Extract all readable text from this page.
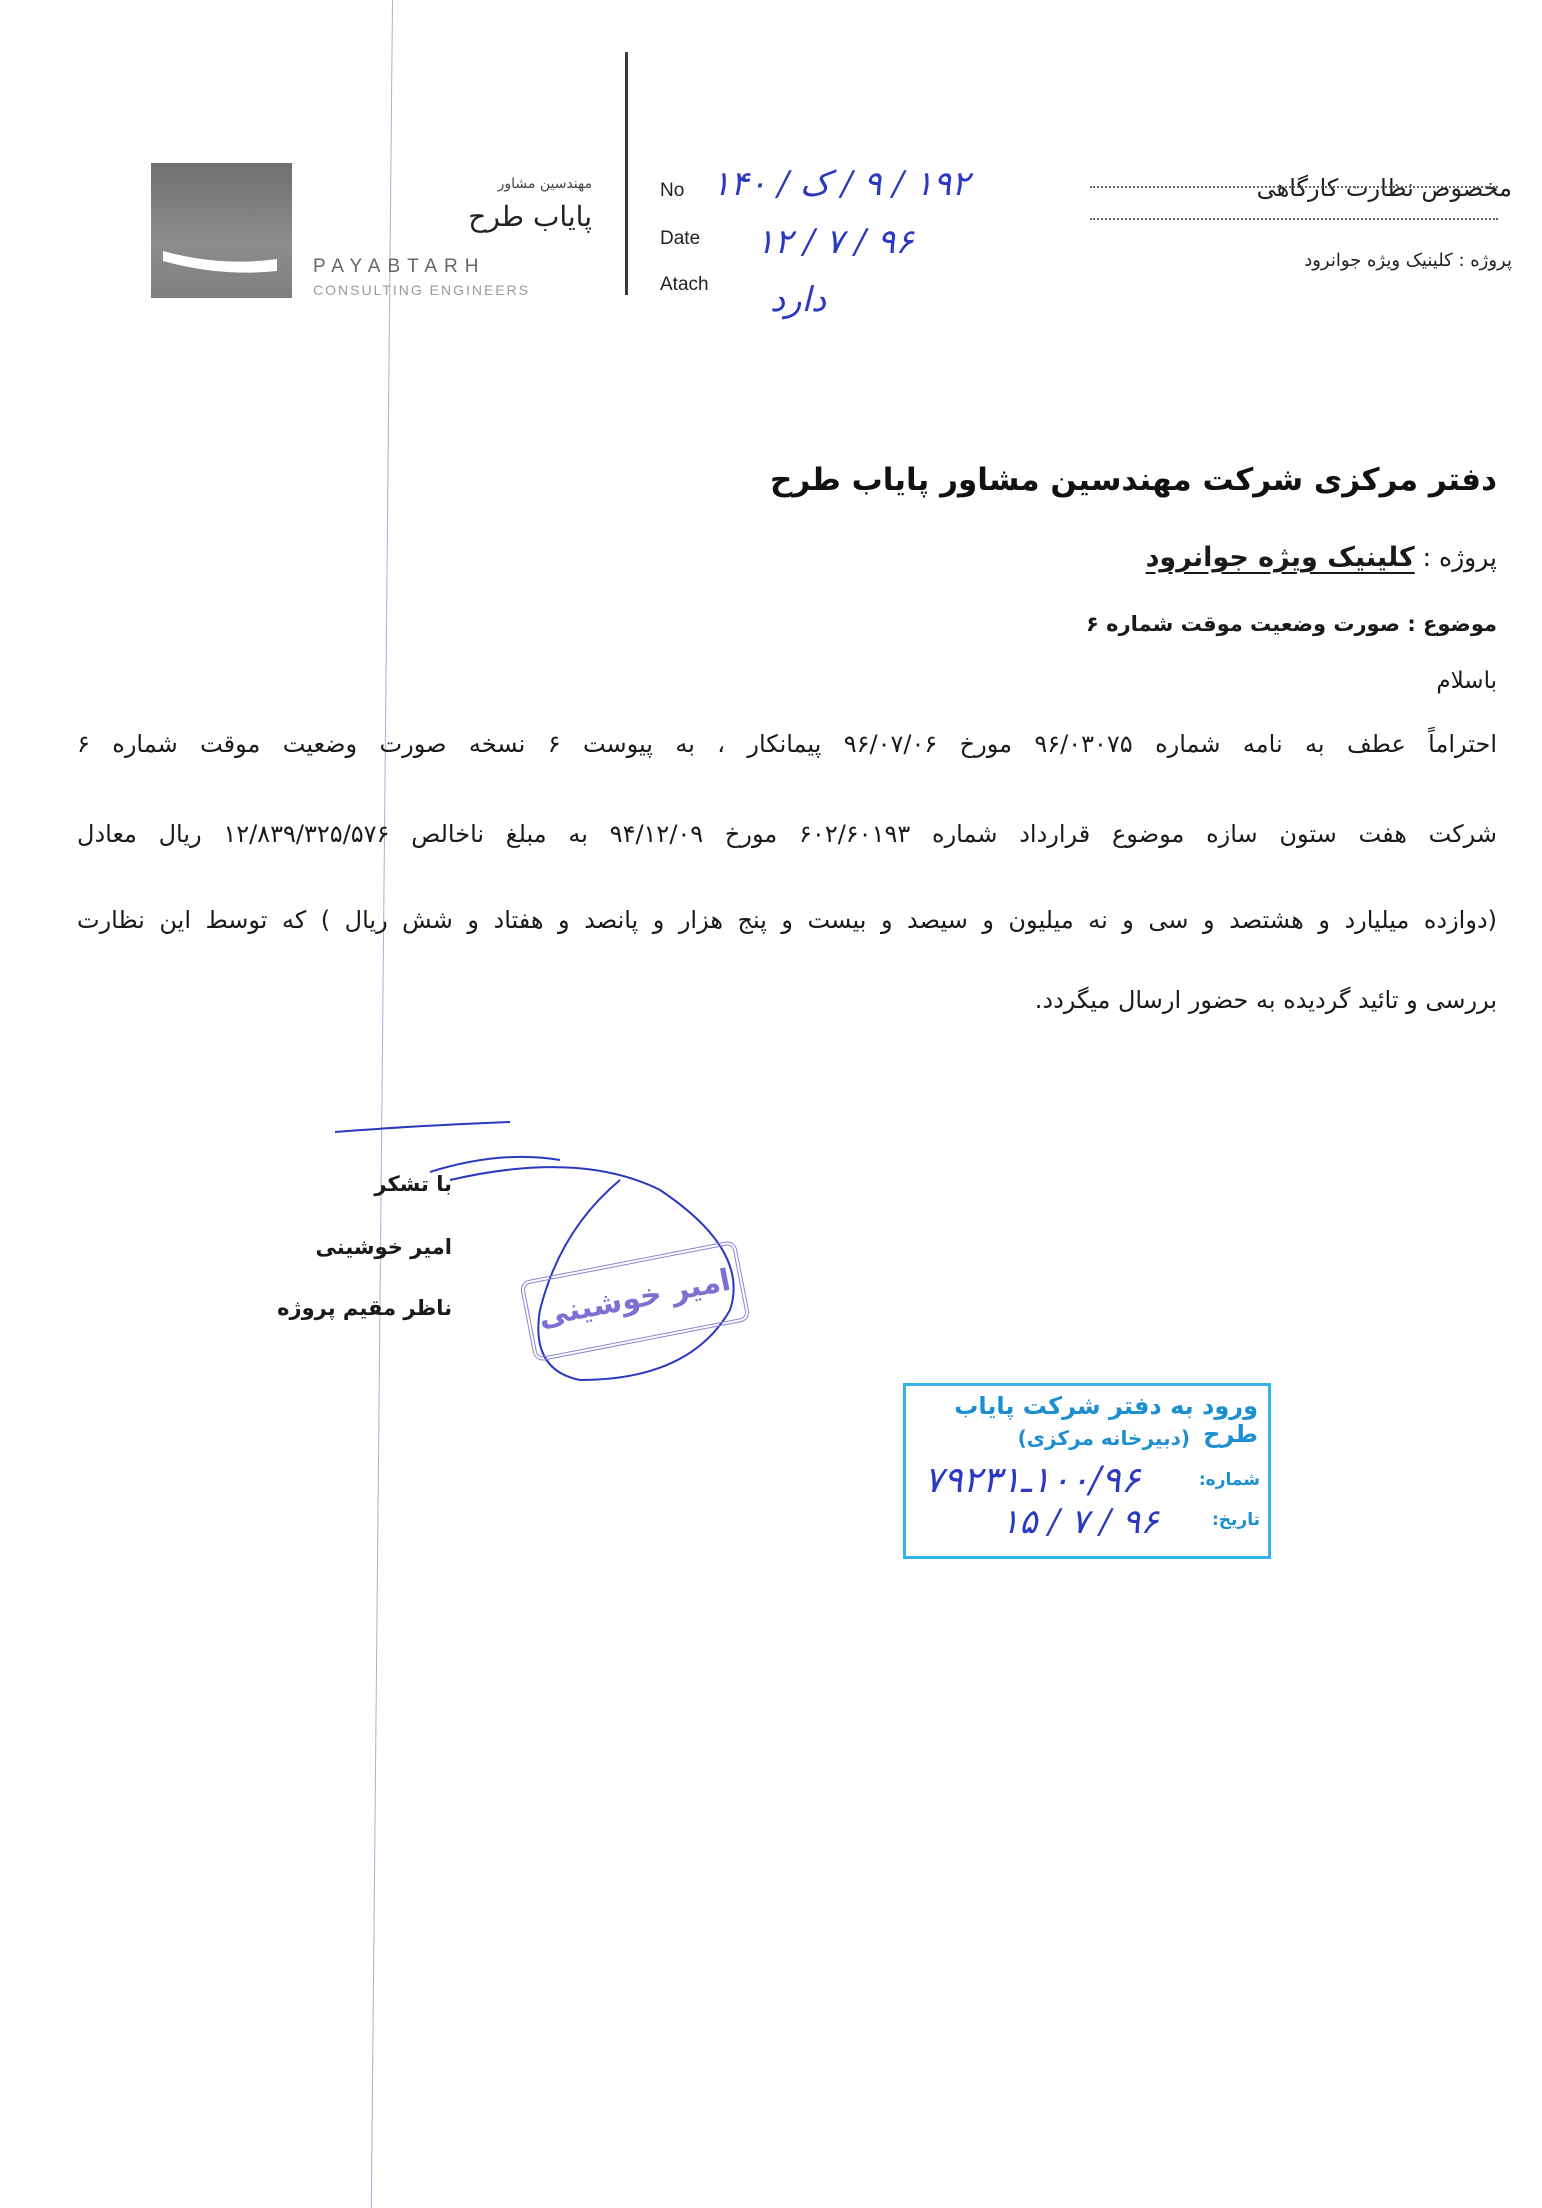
مهندسین مشاور
پایاب طرح
PAYABTARH
CONSULTING ENGINEERS
No
Date
Atach
۱۹۲ / ۹ / ک / ۱۴۰
۹۶ / ۷ / ۱۲
دارد
مخصوص نظارت کارگاهی
پروژه : کلینیک ویژه جوانرود
دفتر مرکزی شرکت مهندسین مشاور پایاب طرح
پروژه : کلینیک ویژه جوانرود
موضوع : صورت وضعیت موقت شماره ۶
باسلام
احتراماً عطف به نامه شماره ۹۶/۰۳۰۷۵ مورخ ۹۶/۰۷/۰۶ پیمانکار ، به پیوست ۶ نسخه صورت وضعیت موقت شماره ۶
شرکت هفت ستون سازه موضوع قرارداد شماره ۶۰۲/۶۰۱۹۳ مورخ ۹۴/۱۲/۰۹ به مبلغ ناخالص ۱۲/۸۳۹/۳۲۵/۵۷۶ ریال معادل
(دوازده میلیارد و هشتصد و سی و نه میلیون و سیصد و بیست و پنج هزار و پانصد و هفتاد و شش ریال ) که توسط این نظارت
بررسی و تائید گردیده به حضور ارسال میگردد.
با تشکر
امیر خوشینی
ناظر مقیم پروژه	امیر خوشینی
ورود به دفتر شرکت پایاب طرح
(دبیرخانه مرکزی)
شماره:
تاریخ:
۱۰۰/۹۶ـ۷۹۲۳۱
۹۶ / ۷ / ۱۵
